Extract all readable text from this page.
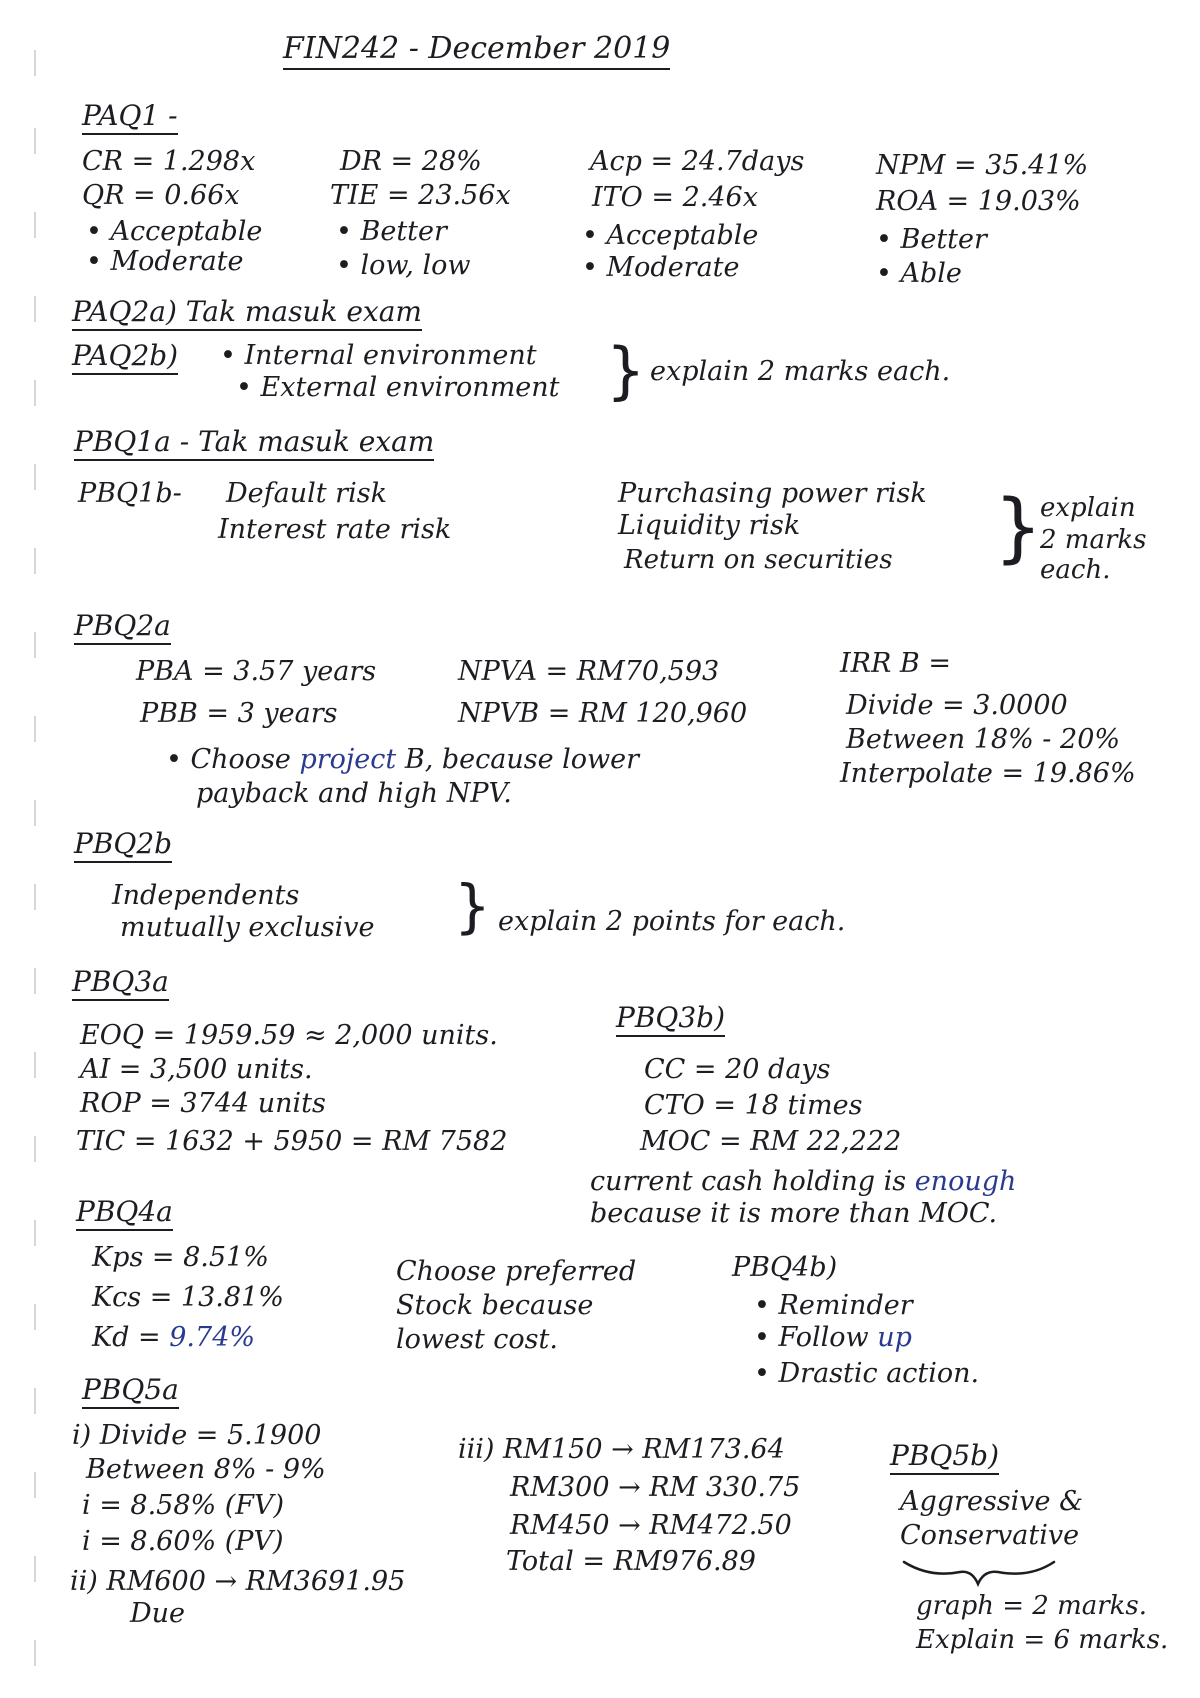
FIN242 - December 2019
PAQ1 -
CR = 1.298x
QR = 0.66x
• Acceptable
• Moderate
DR = 28%
TIE = 23.56x
• Better
• low, low
Acp = 24.7days
ITO = 2.46x
• Acceptable
• Moderate
NPM = 35.41%
ROA = 19.03%
• Better
• Able
PAQ2a) Tak masuk exam
PAQ2b) • Internal environment
• External environment } explain 2 marks each.
PBQ1a - Tak masuk exam
PBQ1b- Default risk
Interest rate risk
Purchasing power risk
Liquidity risk
Return on securities }
explain
2 marks
each.
PBQ2a
PBA = 3.57 years
PBB = 3 years
NPVA = RM70,593
NPVB = RM 120,960
• Choose project B, because lower
payback and high NPV.
IRR B =
Divide = 3.0000
Between 18% - 20%
Interpolate = 19.86%
PBQ2b
Independents
mutually exclusive } explain 2 points for each.
PBQ3a
EOQ = 1959.59 ≈ 2,000 units.
AI = 3,500 units.
ROP = 3744 units
TIC = 1632 + 5950 = RM 7582
PBQ3b)
CC = 20 days
CTO = 18 times
MOC = RM 22,222
current cash holding is enough
because it is more than MOC.
PBQ4a
Kps = 8.51%
Kcs = 13.81%
Kd = 9.74%
Choose preferred
Stock because
lowest cost.
PBQ4b)
• Reminder
• Follow up
• Drastic action.
PBQ5a
i) Divide = 5.1900
Between 8% - 9%
i = 8.58% (FV)
i = 8.60% (PV)
ii) RM600 → RM3691.95
Due
iii) RM150 → RM173.64
RM300 → RM 330.75
RM450 → RM472.50
Total = RM976.89
PBQ5b)
Aggressive &
Conservative
graph = 2 marks.
Explain = 6 marks.
